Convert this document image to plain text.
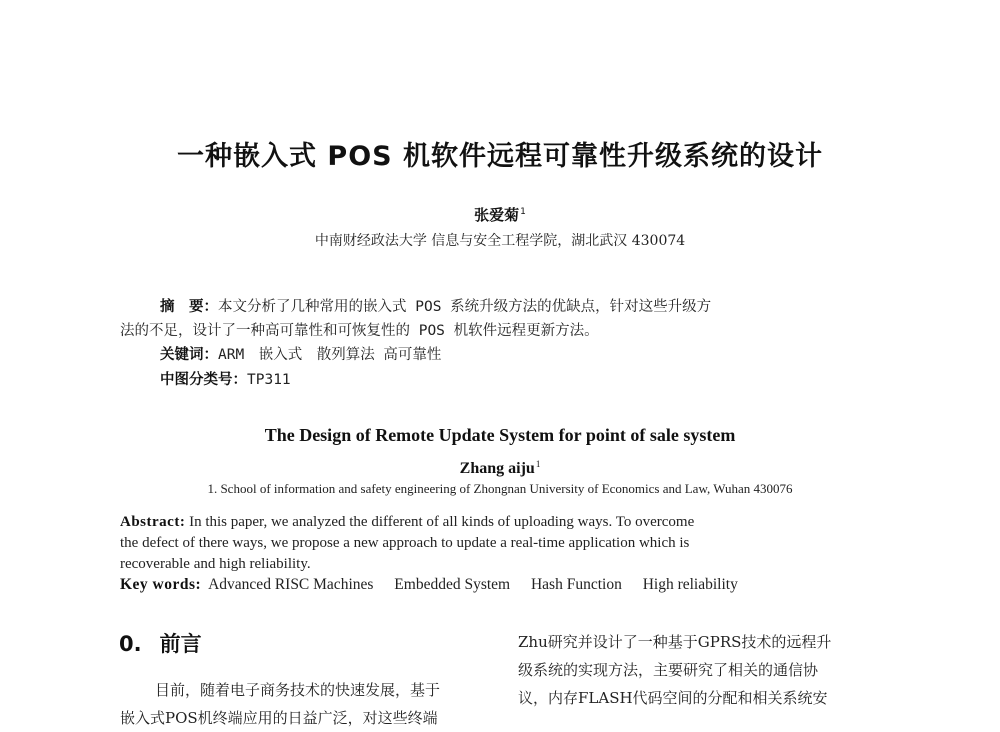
一种嵌入式 POS 机软件远程可靠性升级系统的设计
张爱菊$^1$
中南财经政法大学 信息与安全工程学院，湖北武汉 430074
摘　要：本文分析了几种常用的嵌入式 POS 系统升级方法的优缺点，针对这些升级方
法的不足，设计了一种高可靠性和可恢复性的 POS 机软件远程更新方法。
关键词：ARM　嵌入式　散列算法 高可靠性
中图分类号：TP311
The Design of Remote Update System for point of sale system
Zhang aiju$^1$
1. School of information and safety engineering of Zhongnan University of Economics and Law, Wuhan 430076

Abstract: In this paper, we analyzed the different of all kinds of uploading ways. To overcome

the defect of there ways, we propose a new approach to update a real-time application which is

recoverable and high reliability.

Key words: Advanced RISC Machines Embedded System Hash Function High reliability
0. 前言
目前，随着电子商务技术的快速发展，基于
嵌入式POS机终端应用的日益广泛，对这些终端
Zhu研究并设计了一种基于GPRS技术的远程升
级系统的实现方法，主要研究了相关的通信协
议，内存FLASH代码空间的分配和相关系统安
